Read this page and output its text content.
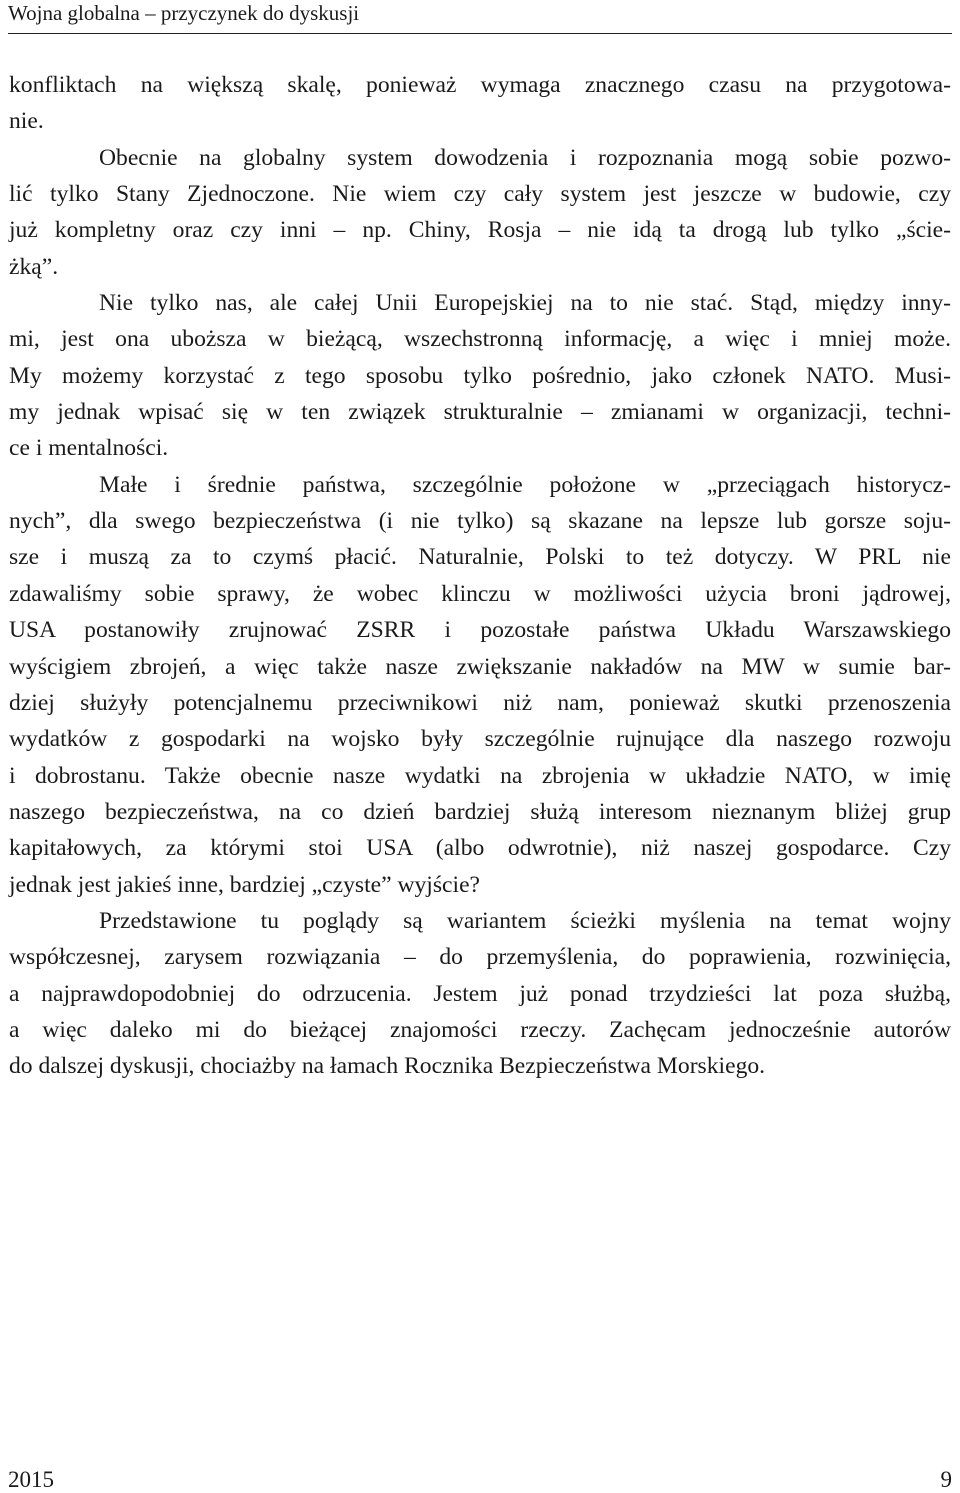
Wojna globalna – przyczynek do dyskusji
konfliktach na większą skalę, ponieważ wymaga znacznego czasu na przygotowa-
nie.
Obecnie na globalny system dowodzenia i rozpoznania mogą sobie pozwo-
lić tylko Stany Zjednoczone. Nie wiem czy cały system jest jeszcze w budowie, czy
już kompletny oraz czy inni – np. Chiny, Rosja – nie idą ta drogą lub tylko „ście-
żką”.
Nie tylko nas, ale całej Unii Europejskiej na to nie stać. Stąd, między inny-
mi, jest ona uboższa w bieżącą, wszechstronną informację, a więc i mniej może.
My możemy korzystać z tego sposobu tylko pośrednio, jako członek NATO. Musi-
my jednak wpisać się w ten związek strukturalnie – zmianami w organizacji, techni-
ce i mentalności.
Małe i średnie państwa, szczególnie położone w „przeciągach historycz-
nych”, dla swego bezpieczeństwa (i nie tylko) są skazane na lepsze lub gorsze soju-
sze i muszą za to czymś płacić. Naturalnie, Polski to też dotyczy. W PRL nie
zdawaliśmy sobie sprawy, że wobec klinczu w możliwości użycia broni jądrowej,
USA postanowiły zrujnować ZSRR i pozostałe państwa Układu Warszawskiego
wyścigiem zbrojeń, a więc także nasze zwiększanie nakładów na MW w sumie bar-
dziej służyły potencjalnemu przeciwnikowi niż nam, ponieważ skutki przenoszenia
wydatków z gospodarki na wojsko były szczególnie rujnujące dla naszego rozwoju
i dobrostanu. Także obecnie nasze wydatki na zbrojenia w układzie NATO, w imię
naszego bezpieczeństwa, na co dzień bardziej służą interesom nieznanym bliżej grup
kapitałowych, za którymi stoi USA (albo odwrotnie), niż naszej gospodarce. Czy
jednak jest jakieś inne, bardziej „czyste” wyjście?
Przedstawione tu poglądy są wariantem ścieżki myślenia na temat wojny
współczesnej, zarysem rozwiązania – do przemyślenia, do poprawienia, rozwinięcia,
a najprawdopodobniej do odrzucenia. Jestem już ponad trzydzieści lat poza służbą,
a więc daleko mi do bieżącej znajomości rzeczy. Zachęcam jednocześnie autorów
do dalszej dyskusji, chociażby na łamach Rocznika Bezpieczeństwa Morskiego.
2015	9
